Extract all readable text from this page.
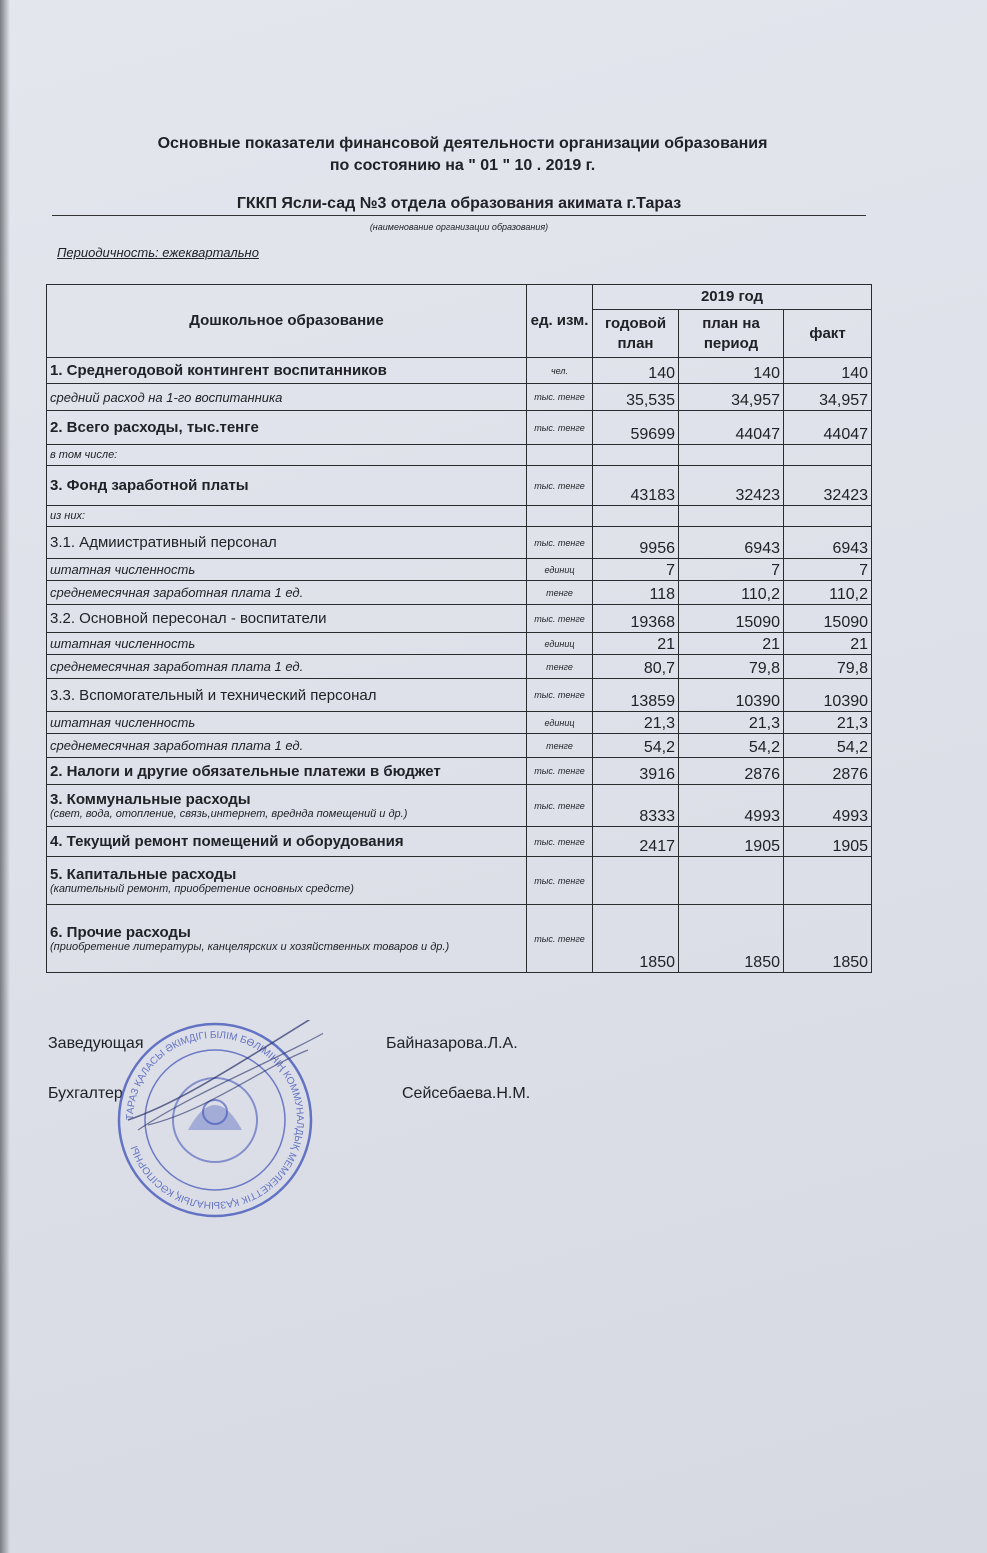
Основные показатели финансовой деятельности организации образования
по состоянию на " 01 " 10 . 2019 г.
ГККП Ясли-сад №3 отдела образования акимата г.Тараз
(наименование организации образования)
Периодичность: ежеквартально
Дошкольное образование	ед. изм.	2019 год		
		годовой план	план на период	факт
1. Среднегодовой контингент воспитанников	чел.	140	140	140
средний расход на 1-го воспитанника	тыс. тенге	35,535	34,957	34,957
2. Всего расходы, тыс.тенге	тыс. тенге	59699	44047	44047
в том числе:				
3. Фонд заработной платы	тыс. тенге	43183	32423	32423
из них:				
3.1. Адмиистративный персонал	тыс. тенге	9956	6943	6943
штатная численность	единиц	7	7	7
среднемесячная заработная плата 1 ед.	тенге	118	110,2	110,2
3.2. Основной пересонал - воспитатели	тыс. тенге	19368	15090	15090
штатная численность	единиц	21	21	21
среднемесячная заработная плата 1 ед.	тенге	80,7	79,8	79,8
3.3. Вспомогательный и технический персонал	тыс. тенге	13859	10390	10390
штатная численность	единиц	21,3	21,3	21,3
среднемесячная заработная плата 1 ед.	тенге	54,2	54,2	54,2
2. Налоги и другие обязательные платежи в бюджет	тыс. тенге	3916	2876	2876
3. Коммунальные расходы
(свет, вода, отопление, связь,интернет, вреднда помещений и др.)	тыс. тенге	8333	4993	4993
4. Текущий ремонт помещений и оборудования	тыс. тенге	2417	1905	1905
5. Капитальные расходы
(капительный ремонт, приобретение основных средстe)	тыс. тенге			
6. Прочие расходы
(приобретение литературы, канцелярских и хозяйственных товаров и др.)	тыс. тенге	1850	1850	1850
Заведующая	Байназарова.Л.А.
Бухгалтер	Сейсебаева.Н.М.
ТАРАЗ ҚАЛАСЫ ӘКІМДІГІ БІЛІМ БӨЛІМІНІҢ КОММУНАЛДЫҚ МЕМЛЕКЕТТІК ҚАЗЫНАЛЫҚ КӘСІПОРНЫ
